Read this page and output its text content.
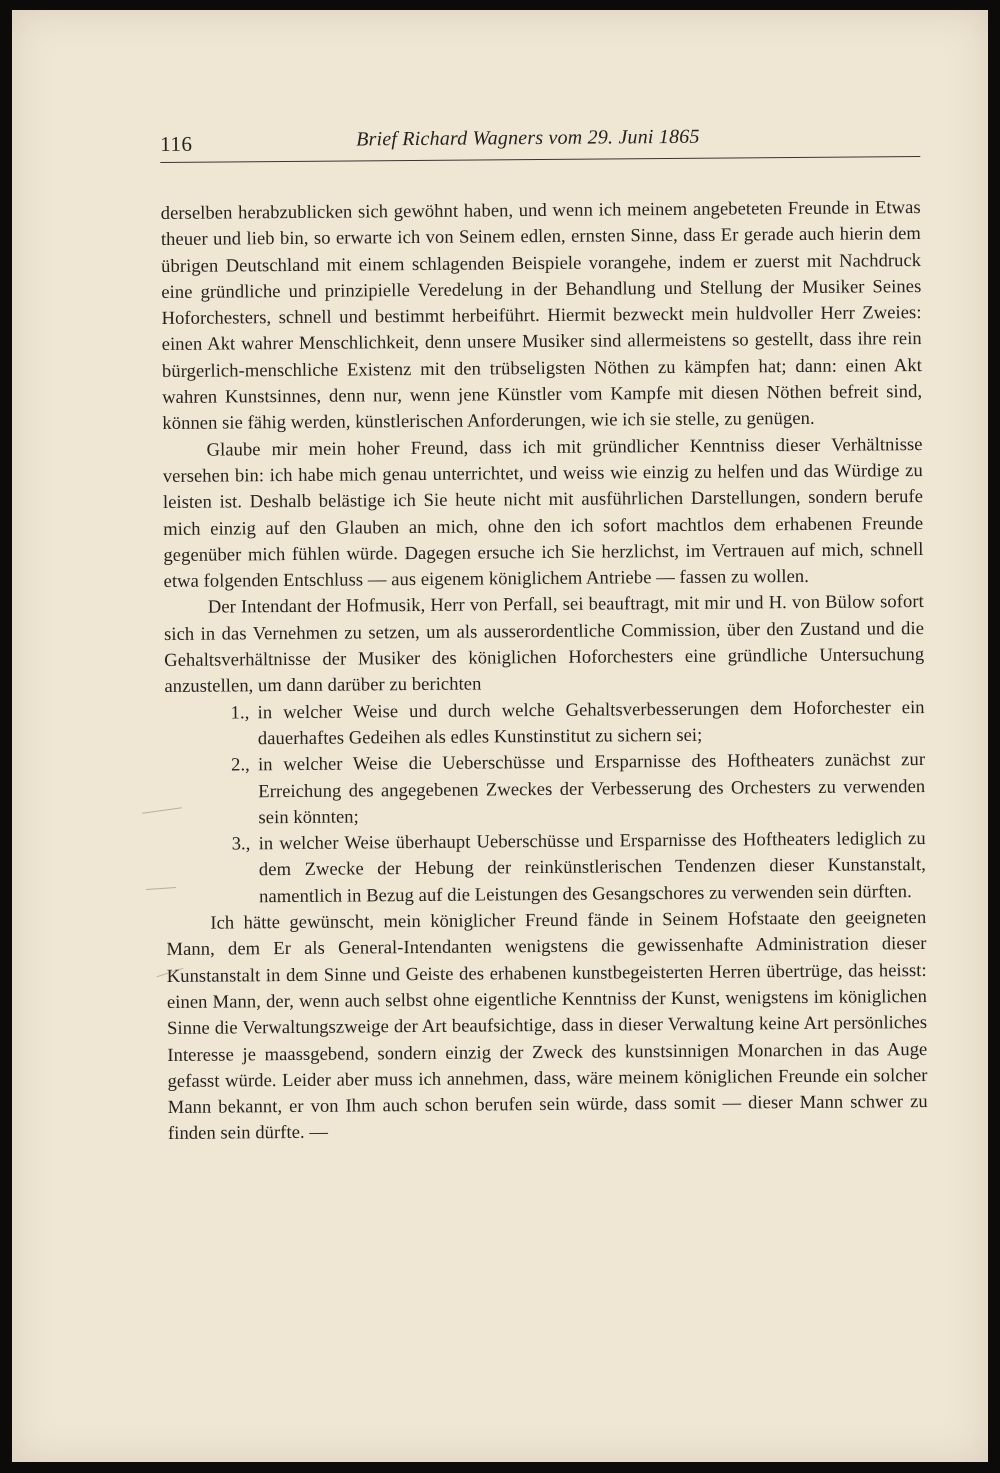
116	Brief Richard Wagners vom 29. Juni 1865

derselben herabzublicken sich gewöhnt haben, und wenn ich meinem angebeteten Freunde in Etwas theuer und lieb bin, so erwarte ich von Seinem edlen, ernsten Sinne, dass Er gerade auch hierin dem übrigen Deutschland mit einem schlagenden Beispiele vorangehe, indem er zuerst mit Nachdruck eine gründliche und prinzipielle Veredelung in der Behandlung und Stellung der Musiker Seines Hoforchesters, schnell und bestimmt herbeiführt. Hiermit bezweckt mein huldvoller Herr Zweies: einen Akt wahrer Menschlichkeit, denn unsere Musiker sind allermeistens so gestellt, dass ihre rein bürgerlich-menschliche Existenz mit den trübseligsten Nöthen zu kämpfen hat; dann: einen Akt wahren Kunstsinnes, denn nur, wenn jene Künstler vom Kampfe mit diesen Nöthen befreit sind, können sie fähig werden, künstlerischen Anforderungen, wie ich sie stelle, zu genügen.

Glaube mir mein hoher Freund, dass ich mit gründlicher Kenntniss dieser Verhältnisse versehen bin: ich habe mich genau unterrichtet, und weiss wie einzig zu helfen und das Würdige zu leisten ist. Deshalb belästige ich Sie heute nicht mit ausführlichen Darstellungen, sondern berufe mich einzig auf den Glauben an mich, ohne den ich sofort machtlos dem erhabenen Freunde gegenüber mich fühlen würde. Dagegen ersuche ich Sie herzlichst, im Vertrauen auf mich, schnell etwa folgenden Entschluss — aus eigenem königlichem Antriebe — fassen zu wollen.

Der Intendant der Hofmusik, Herr von Perfall, sei beauftragt, mit mir und H. von Bülow sofort sich in das Vernehmen zu setzen, um als ausserordentliche Commission, über den Zustand und die Gehaltsverhältnisse der Musiker des königlichen Hoforchesters eine gründliche Untersuchung anzustellen, um dann darüber zu berichten

1., in welcher Weise und durch welche Gehaltsverbesserungen dem Hoforchester ein dauerhaftes Gedeihen als edles Kunstinstitut zu sichern sei;
2., in welcher Weise die Ueberschüsse und Ersparnisse des Hoftheaters zunächst zur Erreichung des angegebenen Zweckes der Verbesserung des Orchesters zu verwenden sein könnten;
3., in welcher Weise überhaupt Ueberschüsse und Ersparnisse des Hoftheaters lediglich zu dem Zwecke der Hebung der reinkünstlerischen Tendenzen dieser Kunstanstalt, namentlich in Bezug auf die Leistungen des Gesangschores zu verwenden sein dürften.

Ich hätte gewünscht, mein königlicher Freund fände in Seinem Hofstaate den geeigneten Mann, dem Er als General-Intendanten wenigstens die gewissenhafte Administration dieser Kunstanstalt in dem Sinne und Geiste des erhabenen kunstbegeisterten Herren übertrüge, das heisst: einen Mann, der, wenn auch selbst ohne eigentliche Kenntniss der Kunst, wenigstens im königlichen Sinne die Verwaltungszweige der Art beaufsichtige, dass in dieser Verwaltung keine Art persönliches Interesse je maassgebend, sondern einzig der Zweck des kunstsinnigen Monarchen in das Auge gefasst würde. Leider aber muss ich annehmen, dass, wäre meinem königlichen Freunde ein solcher Mann bekannt, er von Ihm auch schon berufen sein würde, dass somit — dieser Mann schwer zu finden sein dürfte. —
